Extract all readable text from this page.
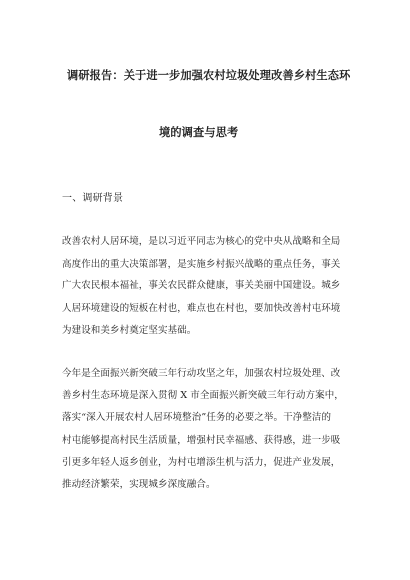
调研报告：关于进一步加强农村垃圾处理改善乡村生态环
境的调查与思考
一、调研背景
改善农村人居环境，是以习近平同志为核心的党中央从战略和全局
高度作出的重大决策部署，是实施乡村振兴战略的重点任务，事关
广大农民根本福祉，事关农民群众健康，事关美丽中国建设。城乡
人居环境建设的短板在村也，难点也在村也，要加快改善村屯环境
为建设和美乡村奠定坚实基础。
今年是全面振兴新突破三年行动攻坚之年，加强农村垃圾处理、改
善乡村生态环境是深入贯彻 X 市全面振兴新突破三年行动方案中，
落实“深入开展农村人居环境整治”任务的必要之举。干净整洁的
村屯能够提高村民生活质量，增强村民幸福感、获得感，进一步吸
引更多年轻人返乡创业，为村屯增添生机与活力，促进产业发展，
推动经济繁荣，实现城乡深度融合。
